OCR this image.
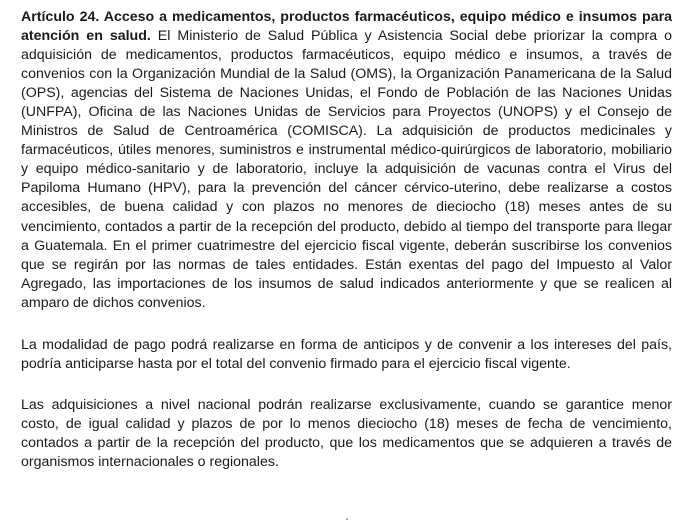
Artículo 24. Acceso a medicamentos, productos farmacéuticos, equipo médico e insumos para atención en salud. El Ministerio de Salud Pública y Asistencia Social debe priorizar la compra o adquisición de medicamentos, productos farmacéuticos, equipo médico e insumos, a través de convenios con la Organización Mundial de la Salud (OMS), la Organización Panamericana de la Salud (OPS), agencias del Sistema de Naciones Unidas, el Fondo de Población de las Naciones Unidas (UNFPA), Oficina de las Naciones Unidas de Servicios para Proyectos (UNOPS) y el Consejo de Ministros de Salud de Centroamérica (COMISCA). La adquisición de productos medicinales y farmacéuticos, útiles menores, suministros e instrumental médico-quirúrgicos de laboratorio, mobiliario y equipo médico-sanitario y de laboratorio, incluye la adquisición de vacunas contra el Virus del Papiloma Humano (HPV), para la prevención del cáncer cérvico-uterino, debe realizarse a costos accesibles, de buena calidad y con plazos no menores de dieciocho (18) meses antes de su vencimiento, contados a partir de la recepción del producto, debido al tiempo del transporte para llegar a Guatemala. En el primer cuatrimestre del ejercicio fiscal vigente, deberán suscribirse los convenios que se regirán por las normas de tales entidades. Están exentas del pago del Impuesto al Valor Agregado, las importaciones de los insumos de salud indicados anteriormente y que se realicen al amparo de dichos convenios.

La modalidad de pago podrá realizarse en forma de anticipos y de convenir a los intereses del país, podría anticiparse hasta por el total del convenio firmado para el ejercicio fiscal vigente.

Las adquisiciones a nivel nacional podrán realizarse exclusivamente, cuando se garantice menor costo, de igual calidad y plazos de por lo menos dieciocho (18) meses de fecha de vencimiento, contados a partir de la recepción del producto, que los medicamentos que se adquieren a través de organismos internacionales o regionales.
